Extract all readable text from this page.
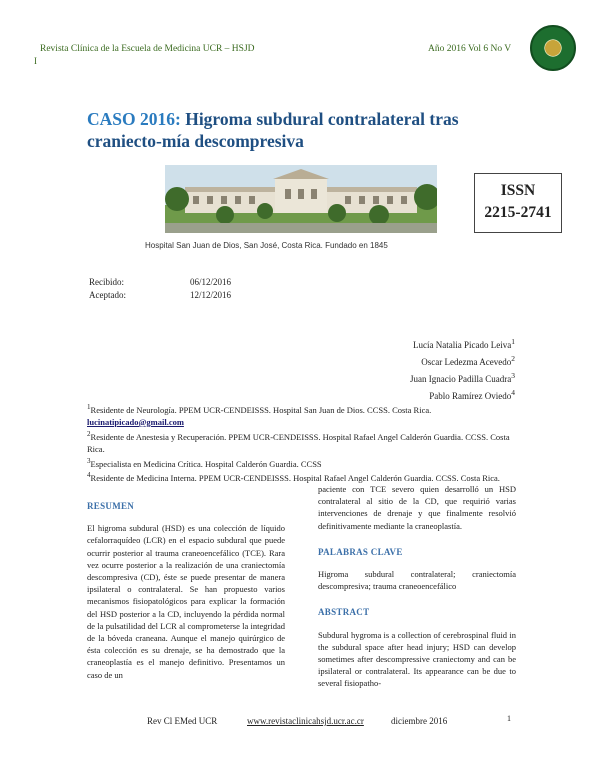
Revista Clínica de la Escuela de Medicina UCR – HSJD	Año 2016 Vol 6 No V
I
CASO 2016: Higroma subdural contralateral tras craniecto-mía descompresiva
ISSN
2215-2741
Hospital San Juan de Dios, San José, Costa Rica. Fundado en 1845
Recibido:	06/12/2016
Aceptado:	12/12/2016
Lucía Natalia Picado Leiva$^1$
Oscar Ledezma Acevedo$^2$
Juan Ignacio Padilla Cuadra$^3$
Pablo Ramírez Oviedo$^4$
$^1$Residente de Neurología. PPEM UCR-CENDEISSS. Hospital San Juan de Dios. CCSS. Costa Rica. lucinatipicado@gmail.com
$^2$Residente de Anestesia y Recuperación. PPEM UCR-CENDEISSS. Hospital Rafael Angel Calderón Guardia. CCSS. Costa Rica.
$^3$Especialista en Medicina Crítica. Hospital Calderón Guardia. CCSS
$^4$Residente de Medicina Interna. PPEM UCR-CENDEISSS. Hospital Rafael Angel Calderón Guardia. CCSS. Costa Rica.
RESUMEN

El higroma subdural (HSD) es una colección de líquido cefalorraquídeo (LCR) en el espacio subdural que puede ocurrir posterior al trauma craneoencefálico (TCE). Rara vez ocurre posterior a la realización de una craniectomía descompresiva (CD), éste se puede presentar de manera ipsilateral o contralateral. Se han propuesto varios mecanismos fisiopatológicos para explicar la formación del HSD posterior a la CD, incluyendo la pérdida normal de la pulsatilidad del LCR al comprometerse la integridad de la bóveda craneana. Aunque el manejo quirúrgico de ésta colección es su drenaje, se ha demostrado que la craneoplastía es el manejo definitivo. Presentamos un caso de un

paciente con TCE severo quien desarrolló un HSD contralateral al sitio de la CD, que requirió varias intervenciones de drenaje y que finalmente resolvió definitivamente mediante la craneoplastía.

PALABRAS CLAVE

Higroma subdural contralateral; craniectomía descompresiva; trauma craneoencefálico

ABSTRACT

Subdural hygroma is a collection of cerebrospinal fluid in the subdural space after head injury; HSD can develop sometimes after descompressive craniectomy and can be ipsilateral or contralateral. Its appearance can be due to several fisiopatho-

Rev Cl EMed UCR	www.revistaclinicahsjd.ucr.ac.cr	diciembre 2016	1
